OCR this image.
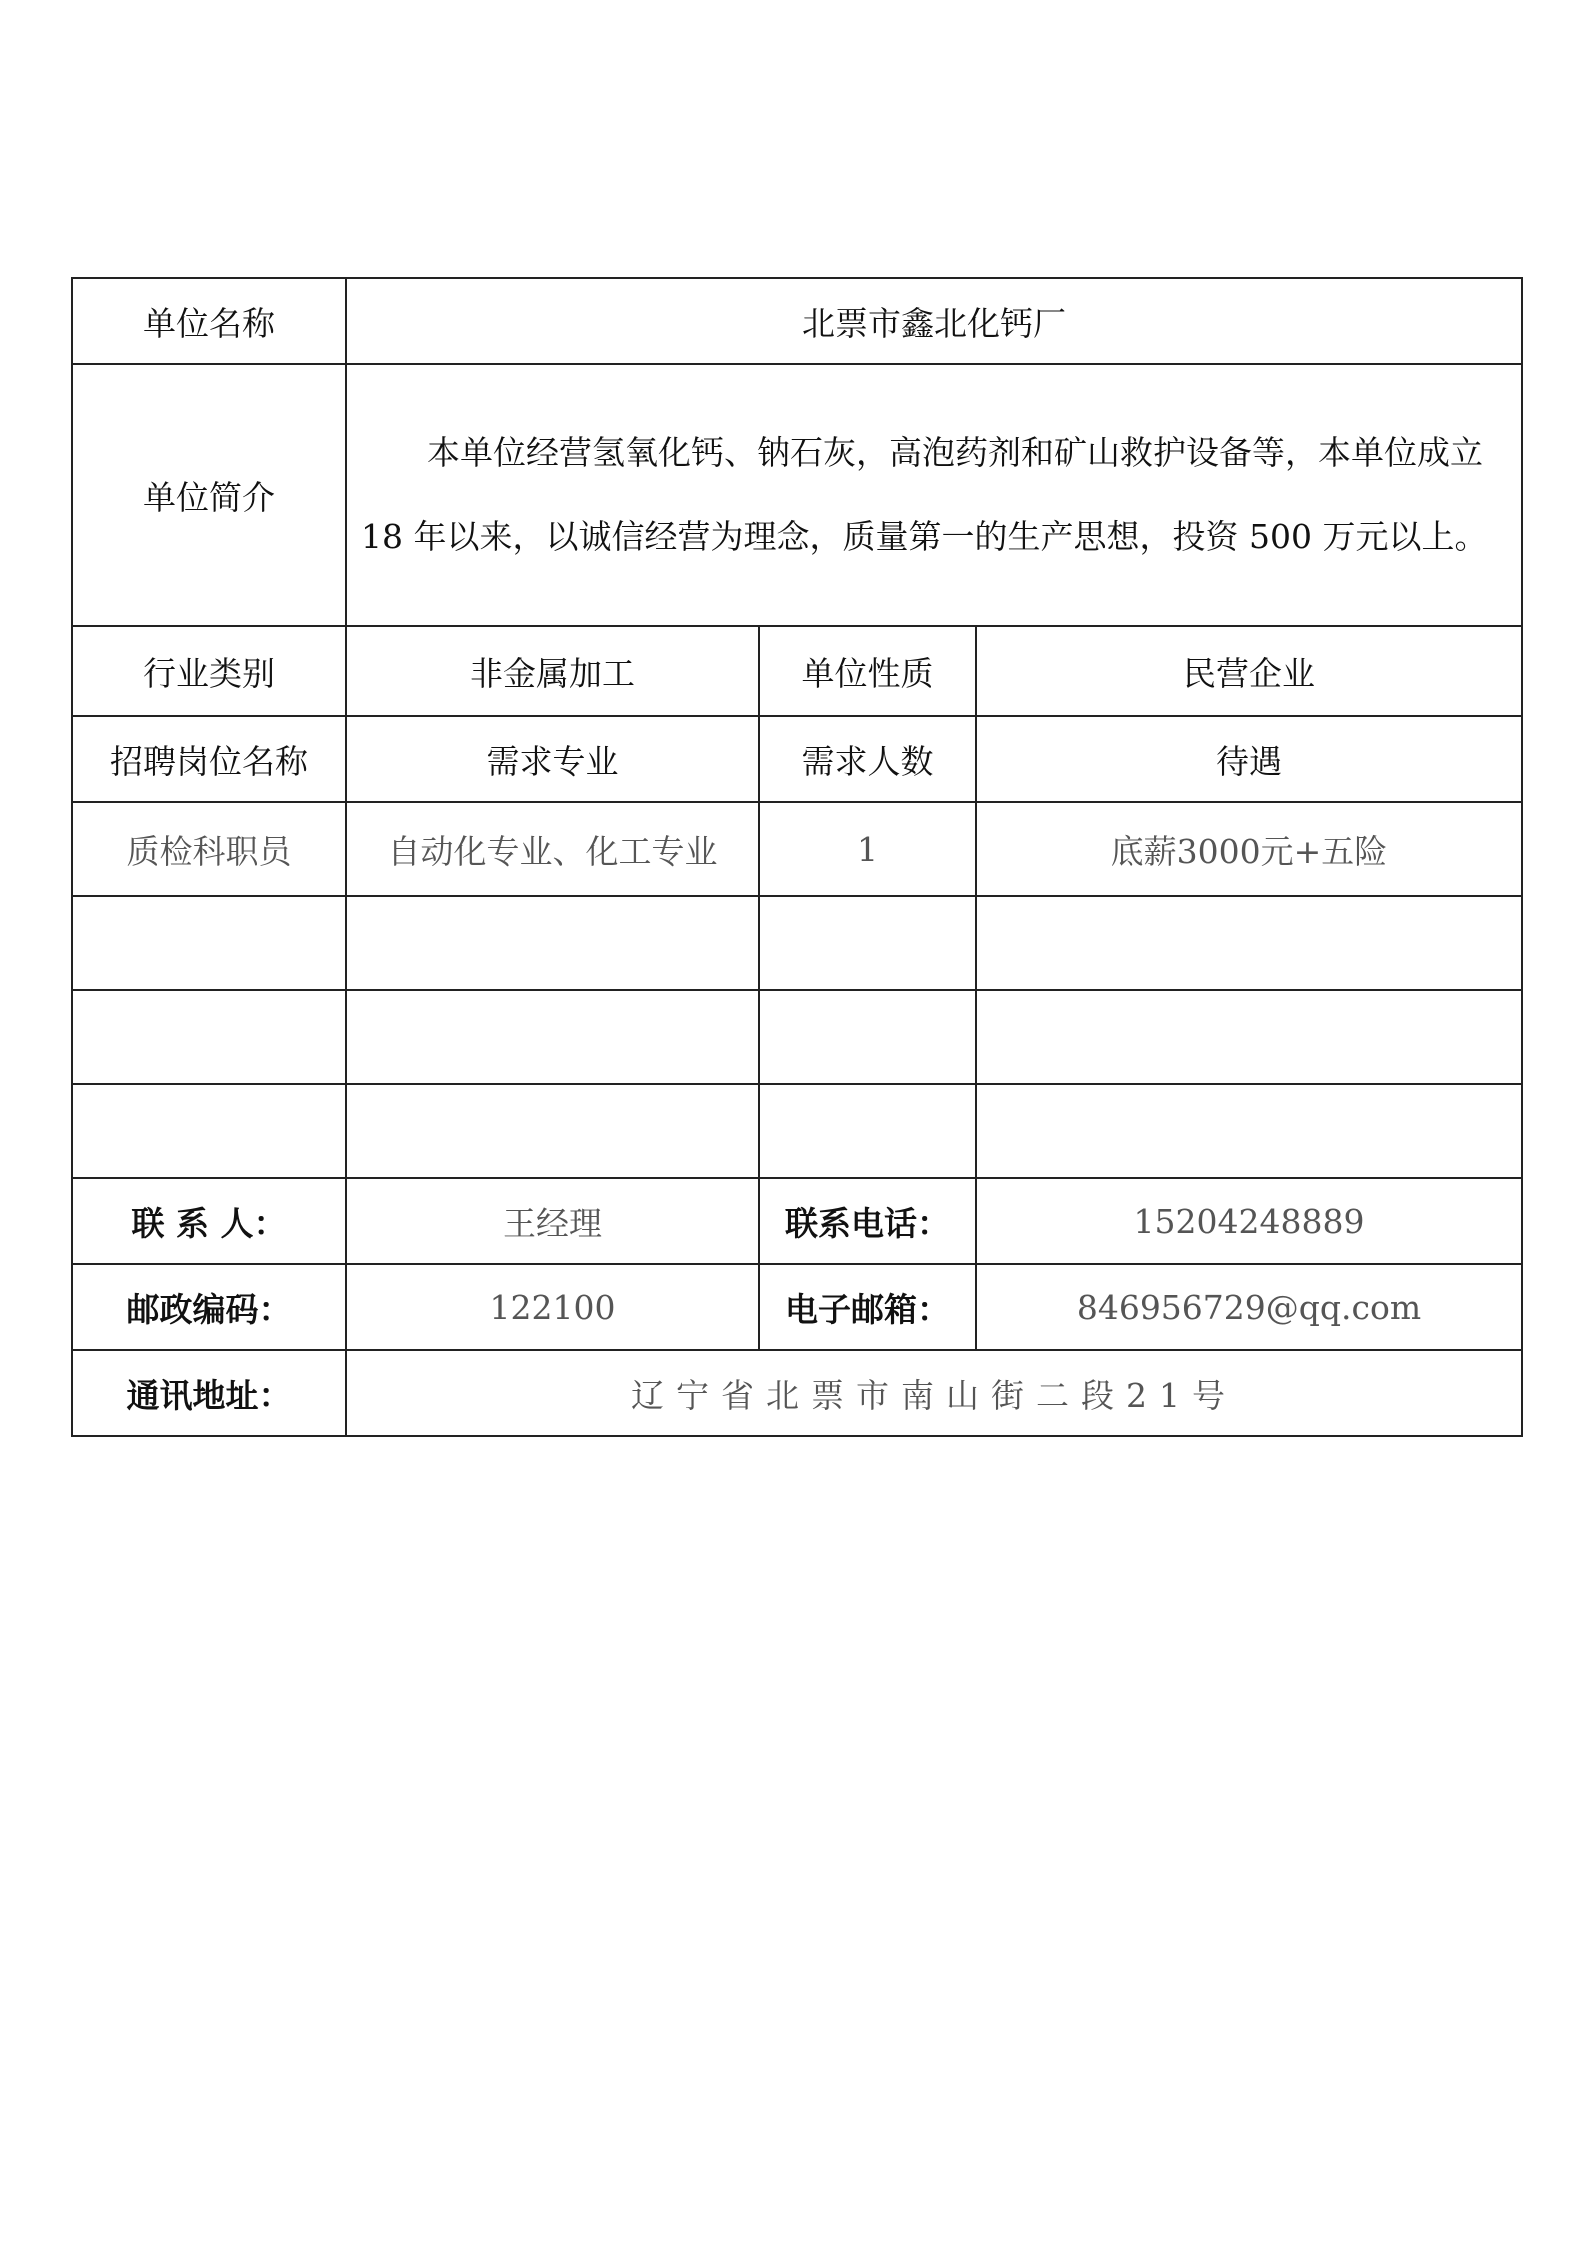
单位名称	北票市鑫北化钙厂		
单位简介	本单位经营氢氧化钙、钠石灰，高泡药剂和矿山救护设备等，本单位成立 18 年以来，以诚信经营为理念，质量第一的生产思想，投资 500 万元以上。		
行业类别	非金属加工	单位性质	民营企业
招聘岗位名称	需求专业	需求人数	待遇
质检科职员	自动化专业、化工专业	1	底薪3000元+五险

联 系 人：	王经理	联系电话：	15204248889
邮政编码：	122100	电子邮箱：	846956729@qq.com
通讯地址：	辽宁省北票市南山街二段21号		
